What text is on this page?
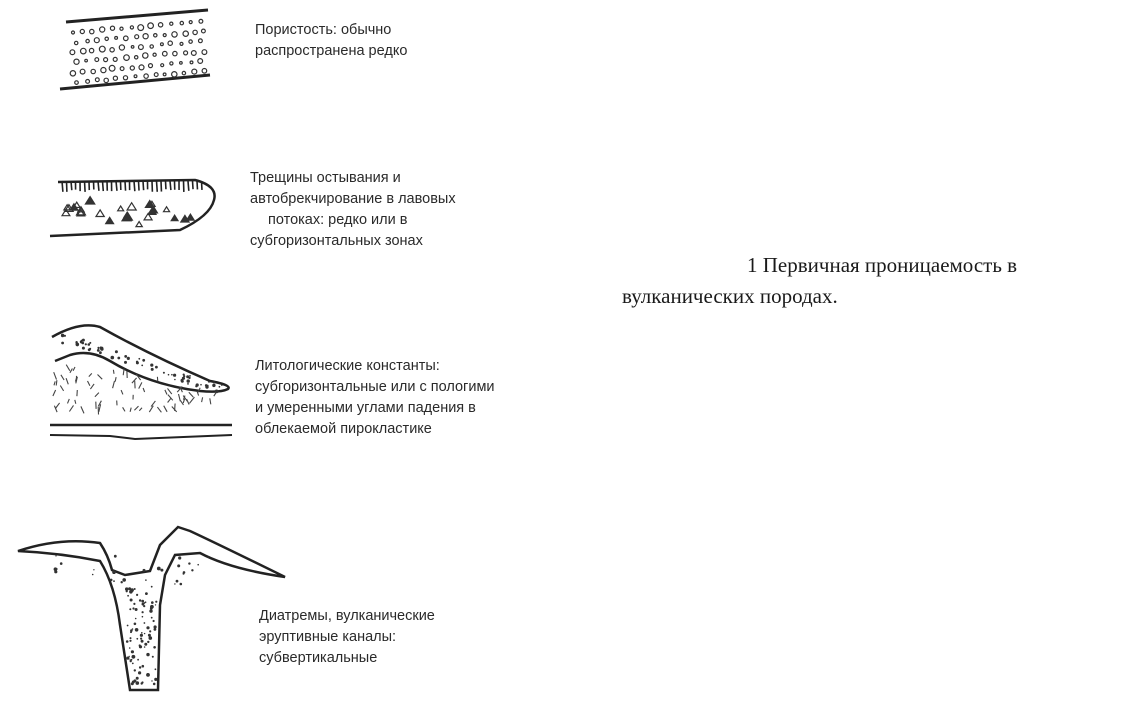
Пористость: обычно
распространена редко
Трещины остывания и
автобрекчирование в лавовых
потоках: редко или в
субгоризонтальных зонах
Литологические константы:
субгоризонтальные или с пологими
и умеренными углами падения в
облекаемой пирокластике
Диатремы, вулканические
эруптивные каналы:
субвертикальные
1 Первичная проницаемость в
вулканических породах.
